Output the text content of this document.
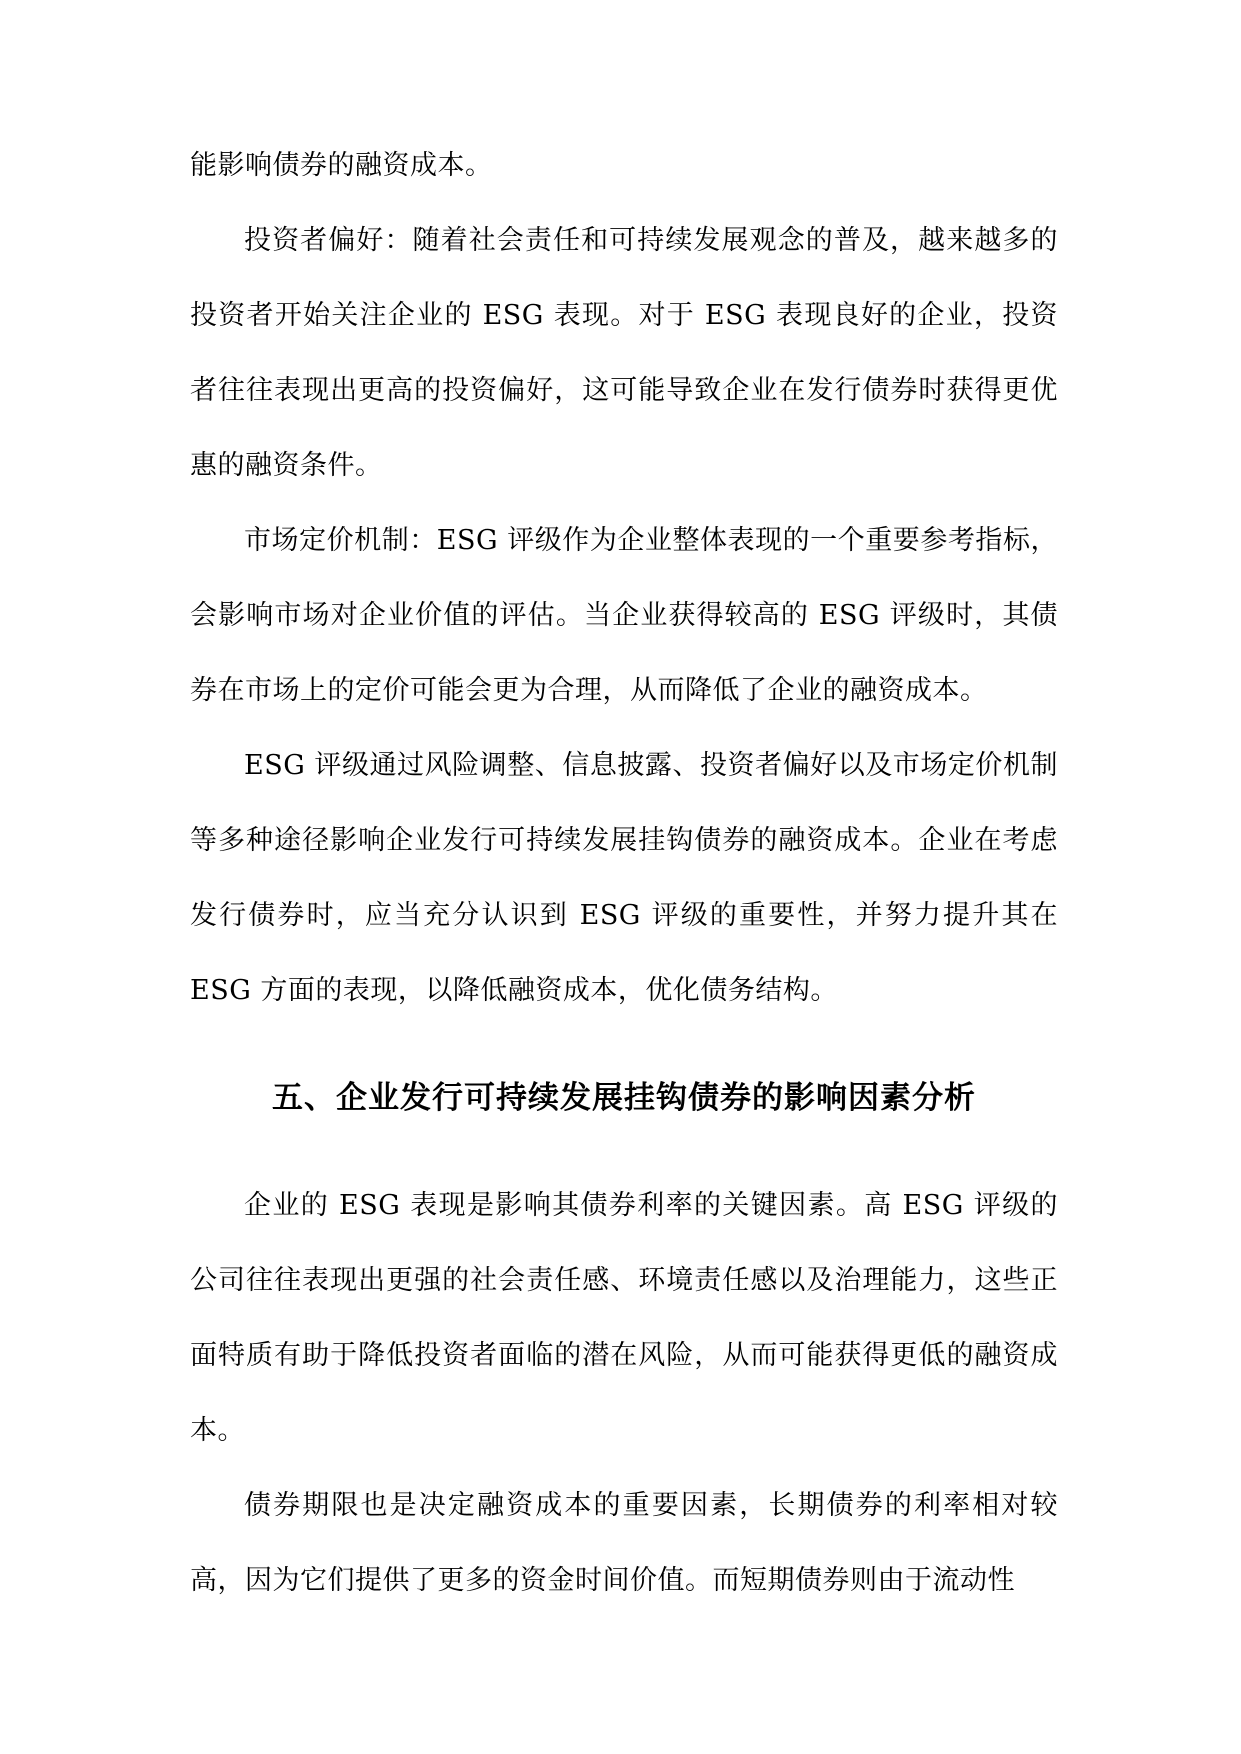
能影响债券的融资成本。

投资者偏好：随着社会责任和可持续发展观念的普及，越来越多的投资者开始关注企业的 ESG 表现。对于 ESG 表现良好的企业，投资者往往表现出更高的投资偏好，这可能导致企业在发行债券时获得更优惠的融资条件。

市场定价机制：ESG 评级作为企业整体表现的一个重要参考指标，会影响市场对企业价值的评估。当企业获得较高的 ESG 评级时，其债券在市场上的定价可能会更为合理，从而降低了企业的融资成本。

ESG 评级通过风险调整、信息披露、投资者偏好以及市场定价机制等多种途径影响企业发行可持续发展挂钩债券的融资成本。企业在考虑发行债券时，应当充分认识到 ESG 评级的重要性，并努力提升其在 ESG 方面的表现，以降低融资成本，优化债务结构。

五、企业发行可持续发展挂钩债券的影响因素分析

企业的 ESG 表现是影响其债券利率的关键因素。高 ESG 评级的公司往往表现出更强的社会责任感、环境责任感以及治理能力，这些正面特质有助于降低投资者面临的潜在风险，从而可能获得更低的融资成本。

债券期限也是决定融资成本的重要因素，长期债券的利率相对较高，因为它们提供了更多的资金时间价值。而短期债券则由于流动性
